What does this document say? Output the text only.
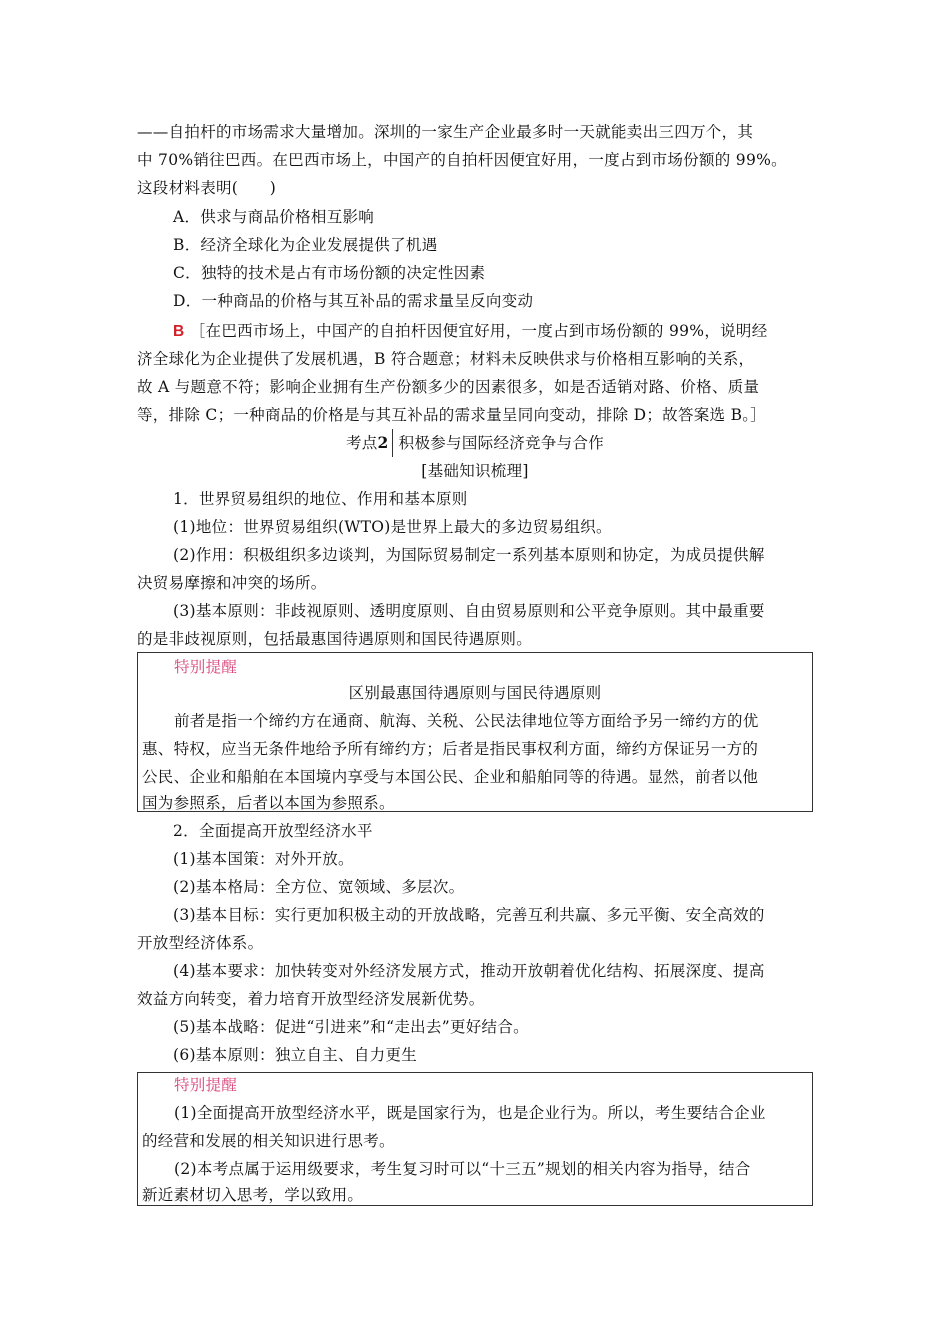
——自拍杆的市场需求大量增加。深圳的一家生产企业最多时一天就能卖出三四万个，其
中 70%销往巴西。在巴西市场上，中国产的自拍杆因便宜好用，一度占到市场份额的 99%。
这段材料表明(　　)
A．供求与商品价格相互影响
B．经济全球化为企业发展提供了机遇
C．独特的技术是占有市场份额的决定性因素
D．一种商品的价格与其互补品的需求量呈反向变动
B ［在巴西市场上，中国产的自拍杆因便宜好用，一度占到市场份额的 99%，说明经
济全球化为企业提供了发展机遇，B 符合题意；材料未反映供求与价格相互影响的关系，
故 A 与题意不符；影响企业拥有生产份额多少的因素很多，如是否适销对路、价格、质量
等，排除 C；一种商品的价格是与其互补品的需求量呈同向变动，排除 D；故答案选 B。］
考点2 积极参与国际经济竞争与合作
[基础知识梳理]
1．世界贸易组织的地位、作用和基本原则
(1)地位：世界贸易组织(WTO)是世界上最大的多边贸易组织。
(2)作用：积极组织多边谈判，为国际贸易制定一系列基本原则和协定，为成员提供解
决贸易摩擦和冲突的场所。
(3)基本原则：非歧视原则、透明度原则、自由贸易原则和公平竞争原则。其中最重要
的是非歧视原则，包括最惠国待遇原则和国民待遇原则。
特别提醒
区别最惠国待遇原则与国民待遇原则
前者是指一个缔约方在通商、航海、关税、公民法律地位等方面给予另一缔约方的优
惠、特权，应当无条件地给予所有缔约方；后者是指民事权利方面，缔约方保证另一方的
公民、企业和船舶在本国境内享受与本国公民、企业和船舶同等的待遇。显然，前者以他
国为参照系，后者以本国为参照系。
2．全面提高开放型经济水平
(1)基本国策：对外开放。
(2)基本格局：全方位、宽领域、多层次。
(3)基本目标：实行更加积极主动的开放战略，完善互利共赢、多元平衡、安全高效的
开放型经济体系。
(4)基本要求：加快转变对外经济发展方式，推动开放朝着优化结构、拓展深度、提高
效益方向转变，着力培育开放型经济发展新优势。
(5)基本战略：促进“引进来”和“走出去”更好结合。
(6)基本原则：独立自主、自力更生
特别提醒
(1)全面提高开放型经济水平，既是国家行为，也是企业行为。所以，考生要结合企业
的经营和发展的相关知识进行思考。
(2)本考点属于运用级要求，考生复习时可以“十三五”规划的相关内容为指导，结合
新近素材切入思考，学以致用。
